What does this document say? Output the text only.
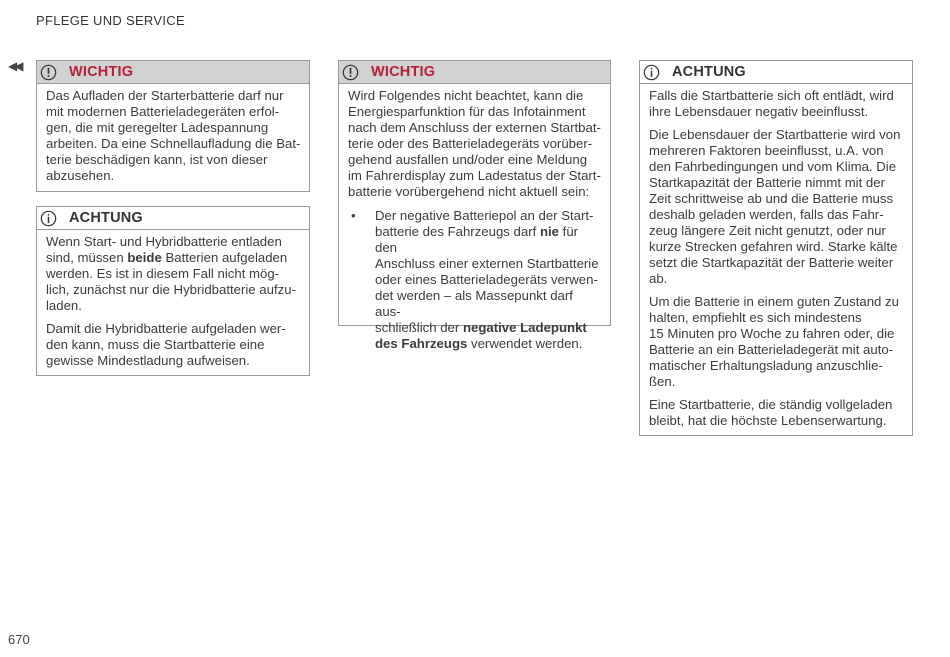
PFLEGE UND SERVICE
◀◀	WICHTIG

Das Aufladen der Starterbatterie darf nur
mit modernen Batterieladegeräten erfol-
gen, die mit geregelter Ladespannung
arbeiten. Da eine Schnellaufladung die Bat-
terie beschädigen kann, ist von dieser
abzusehen.

ACHTUNG

Wenn Start- und Hybridbatterie entladen
sind, müssen beide Batterien aufgeladen
werden. Es ist in diesem Fall nicht mög-
lich, zunächst nur die Hybridbatterie aufzu-
laden.

Damit die Hybridbatterie aufgeladen wer-
den kann, muss die Startbatterie eine
gewisse Mindestladung aufweisen.

WICHTIG

Wird Folgendes nicht beachtet, kann die
Energiesparfunktion für das Infotainment
nach dem Anschluss der externen Startbat-
terie oder des Batterieladegeräts vorüber-
gehend ausfallen und/oder eine Meldung
im Fahrerdisplay zum Ladestatus der Start-
batterie vorübergehend nicht aktuell sein:

•	Der negative Batteriepol an der Start-
batterie des Fahrzeugs darf nie für den
Anschluss einer externen Startbatterie
oder eines Batterieladegeräts verwen-
det werden – als Massepunkt darf aus-
schließlich der negative Ladepunkt
des Fahrzeugs verwendet werden.
ACHTUNG

Falls die Startbatterie sich oft entlädt, wird
ihre Lebensdauer negativ beeinflusst.

Die Lebensdauer der Startbatterie wird von
mehreren Faktoren beeinflusst, u.A. von
den Fahrbedingungen und vom Klima. Die
Startkapazität der Batterie nimmt mit der
Zeit schrittweise ab und die Batterie muss
deshalb geladen werden, falls das Fahr-
zeug längere Zeit nicht genutzt, oder nur
kurze Strecken gefahren wird. Starke kälte
setzt die Startkapazität der Batterie weiter
ab.

Um die Batterie in einem guten Zustand zu
halten, empfiehlt es sich mindestens
15 Minuten pro Woche zu fahren oder, die
Batterie an ein Batterieladegerät mit auto-
matischer Erhaltungsladung anzuschlie-
ßen.

Eine Startbatterie, die ständig vollgeladen
bleibt, hat die höchste Lebenserwartung.

670
